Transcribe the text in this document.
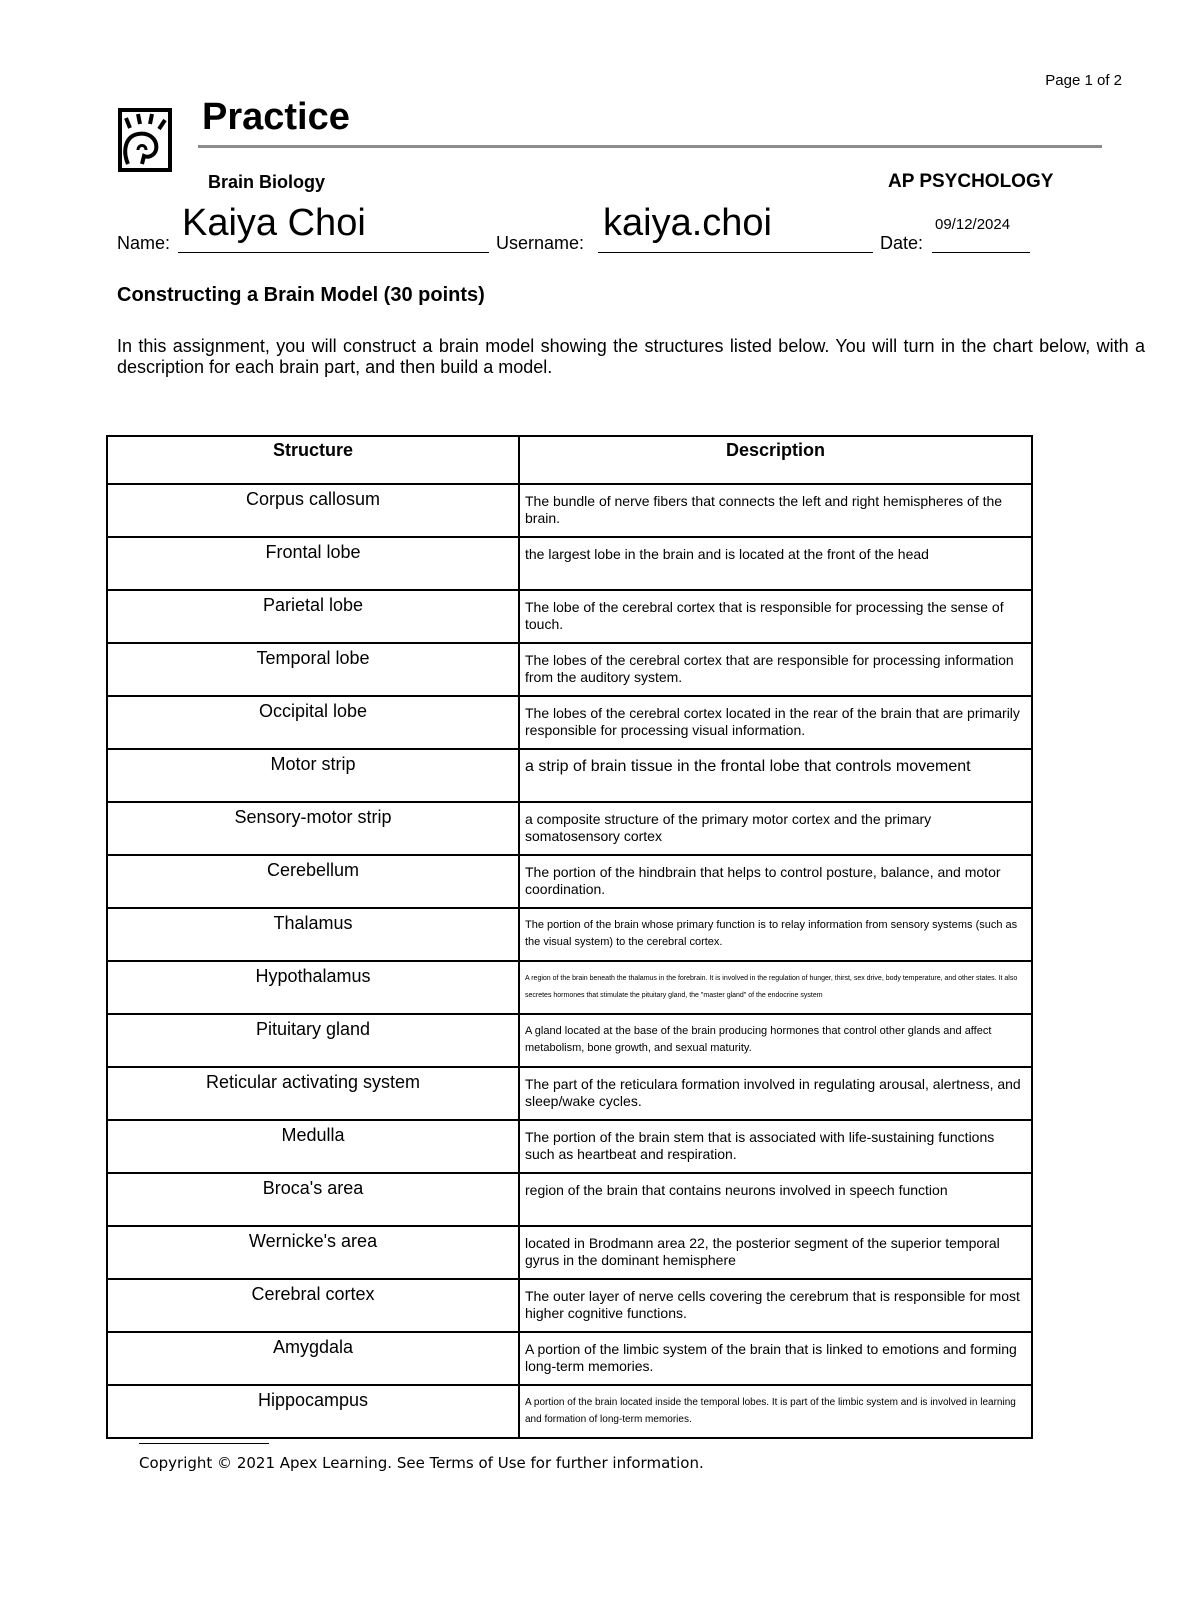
Page 1 of 2
Practice
Brain Biology	AP PSYCHOLOGY
Name: Kaiya Choi	Username: kaiya.choi	Date:
09/12/2024
Constructing a Brain Model (30 points)
In this assignment, you will construct a brain model showing the structures listed below. You will turn in the chart below, with a description for each brain part, and then build a model.
Structure	Description
Corpus callosum	The bundle of nerve fibers that connects the left and right hemispheres of the brain.
Frontal lobe	the largest lobe in the brain and is located at the front of the head
Parietal lobe	The lobe of the cerebral cortex that is responsible for processing the sense of touch.
Temporal lobe	The lobes of the cerebral cortex that are responsible for processing information from the auditory system.
Occipital lobe	The lobes of the cerebral cortex located in the rear of the brain that are primarily responsible for processing visual information.
Motor strip	a strip of brain tissue in the frontal lobe that controls movement
Sensory-motor strip	a composite structure of the primary motor cortex and the primary somatosensory cortex
Cerebellum	The portion of the hindbrain that helps to control posture, balance, and motor coordination.
Thalamus	The portion of the brain whose primary function is to relay information from sensory systems (such as the visual system) to the cerebral cortex.
Hypothalamus	A region of the brain beneath the thalamus in the forebrain. It is involved in the regulation of hunger, thirst, sex drive, body temperature, and other states. It also secretes hormones that stimulate the pituitary gland, the "master gland" of the endocrine system
Pituitary gland	A gland located at the base of the brain producing hormones that control other glands and affect metabolism, bone growth, and sexual maturity.
Reticular activating system	The part of the reticulara formation involved in regulating arousal, alertness, and sleep/wake cycles.
Medulla	The portion of the brain stem that is associated with life-sustaining functions such as heartbeat and respiration.
Broca's area	region of the brain that contains neurons involved in speech function
Wernicke's area	located in Brodmann area 22, the posterior segment of the superior temporal gyrus in the dominant hemisphere
Cerebral cortex	The outer layer of nerve cells covering the cerebrum that is responsible for most higher cognitive functions.
Amygdala	A portion of the limbic system of the brain that is linked to emotions and forming long-term memories.
Hippocampus	A portion of the brain located inside the temporal lobes. It is part of the limbic system and is involved in learning and formation of long-term memories.
Copyright © 2021 Apex Learning. See Terms of Use for further information.
